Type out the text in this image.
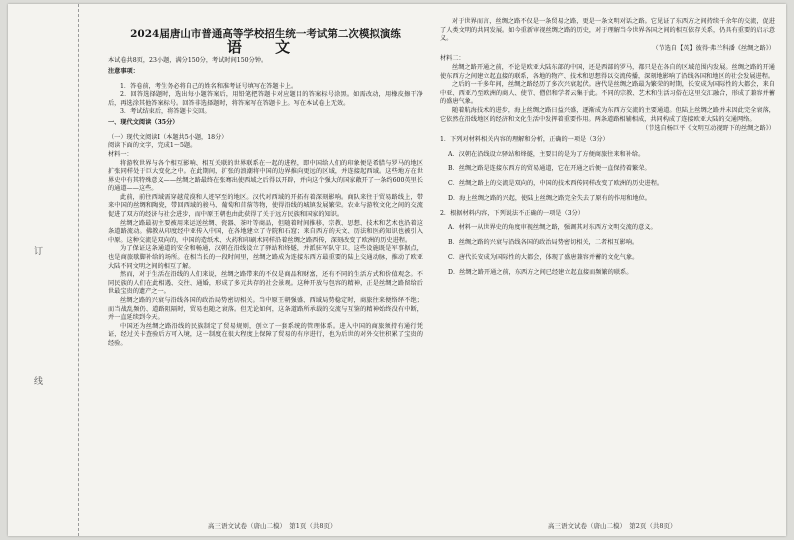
订
线
2024届唐山市普通高等学校招生统一考试第二次模拟演练
语 文

本试卷共8页，23小题，满分150分，考试时间150分钟。

注意事项：

1．答卷前，考生务必将自己的姓名和准考证号填写在答题卡上。

2．回答选择题时，选出每小题答案后，用铅笔把答题卡对应题目的答案标号涂黑。如需改动，用橡皮擦干净后，再选涂其他答案标号。回答非选择题时，将答案写在答题卡上。写在本试卷上无效。

3．考试结束后，将答题卡交回。

一、现代文阅读（35分）

（一）现代文阅读Ⅰ（本题共5小题，18分）

阅读下面的文字，完成1～5题。

材料一：

将游牧世界与各个相互影响、相互关联的世界联系在一起的进程，即中国给人们的印象便是希腊与罗马的地区扩张同样处于巨大变化之中。在此期间，扩张的浪潮将中国的边界推向更远的区域，并连接起西域。这些地方在世界史中有其特殊意义——丝绸之路最终在张骞出使西域之后得以开辟，并向这个强大的国家敞开了一条约600英里长的通道——这些。

此前，前往西域需穿越荒漠和人迹罕至的地区。汉代对西域的开拓有着深刻影响。商队来往于贸易路线上，带来中国的丝绸和陶瓷，带回西域的骏马、葡萄和苜蓿等物，使得沿线的城镇发展繁荣。农业与游牧文化之间的交流促进了双方的经济与社会进步，而中原王朝也由此获得了关于远方民族和国家的知识。

丝绸之路最初主要被用来运送丝绸、瓷器、茶叶等商品，但随着时间推移，宗教、思想、技术和艺术也沿着这条道路流动。佛教从印度经中亚传入中国，在各地建立了寺院和石窟；来自西方的天文、历法和医药知识也被引入中原。这种交流是双向的，中国的造纸术、火药和印刷术同样沿着丝绸之路西传，深刻改变了欧洲的历史进程。

为了保证这条通道的安全和畅通，汉朝在沿线设立了驿站和烽燧，并派驻军队守卫。这些设施既是军事据点，也是商旅歇脚补给的场所。在相当长的一段时间里，丝绸之路成为连接东西方最重要的陆上交通动脉，推动了欧亚大陆不同文明之间的相互了解。

然而，对于生活在沿线的人们来说，丝绸之路带来的不仅是商品和财富，还有不同的生活方式和价值观念。不同民族的人们在此相遇、交往、通婚，形成了多元共存的社会景观。这种开放与包容的精神，正是丝绸之路留给后世最宝贵的遗产之一。

丝绸之路的兴衰与沿线各国的政治局势密切相关。当中原王朝强盛、西域局势稳定时，商旅往来便络绎不绝；而当战乱频仍、道路阻隔时，贸易也随之衰落。但无论如何，这条道路所承载的交流与互鉴的精神始终没有中断，并一直延续到今天。

中国还为丝绸之路沿线的民族制定了贸易规则，创立了一套系统的管理体系。进入中国的商旅须持有通行凭证，经过关卡查验后方可入境，这一制度在很大程度上保障了贸易的有序进行，也为后世的对外交往积累了宝贵的经验。

对于世界而言，丝绸之路不仅是一条贸易之路，更是一条文明对话之路。它见证了东西方之间持续千余年的交流，促进了人类文明的共同发展。如今重新审视丝绸之路的历史，对于理解当今世界各国之间的相互依存关系，仍具有重要的启示意义。

（节选自【英】彼得·弗兰科潘《丝绸之路》）

材料二：

丝绸之路开通之前，不论是欧亚大陆东部的中国，还是西部的罗马，都只是在各自的区域范围内发展。丝绸之路的开通使东西方之间建立起直接的联系，各地的物产、技术和思想得以交流传播，深刻地影响了沿线各国和地区的社会发展进程。

之后的一千多年间，丝绸之路经历了多次兴衰起伏。唐代是丝绸之路最为繁荣的时期，长安成为国际性的大都会，来自中亚、西亚乃至欧洲的商人、使节、僧侣和学者云集于此。不同的宗教、艺术和生活习俗在这里交汇融合，形成了兼容并蓄的盛唐气象。

随着航海技术的进步，海上丝绸之路日益兴盛，逐渐成为东西方交流的主要通道。但陆上丝绸之路并未因此完全衰落，它依然在沿线地区的经济和文化生活中发挥着重要作用。两条道路相辅相成，共同构成了连接欧亚大陆的交通网络。

（节选自杨巨平《文明互动视野下的丝绸之路》）

1．下列对材料相关内容的理解和分析，正确的一项是（3分）

A．汉朝在沿线设立驿站和烽燧，主要目的是为了方便商旅往来和补给。

B．丝绸之路是连接东西方的贸易通道，它在开通之后便一直保持着繁荣。

C．丝绸之路上的交流是双向的，中国的技术西传同样改变了欧洲的历史进程。

D．海上丝绸之路的兴起，使陆上丝绸之路完全失去了原有的作用和地位。

2．根据材料内容，下列说法不正确的一项是（3分）

A．材料一从世界史的角度审视丝绸之路，强调其对东西方文明交流的意义。

B．丝绸之路的兴衰与沿线各国的政治局势密切相关，二者相互影响。

C．唐代长安成为国际性的大都会，体现了盛唐兼容并蓄的文化气象。

D．丝绸之路开通之前，东西方之间已经建立起直接而频繁的联系。

高三语文试卷（唐山二模）　第1页（共8页）	高三语文试卷（唐山二模）　第2页（共8页）
